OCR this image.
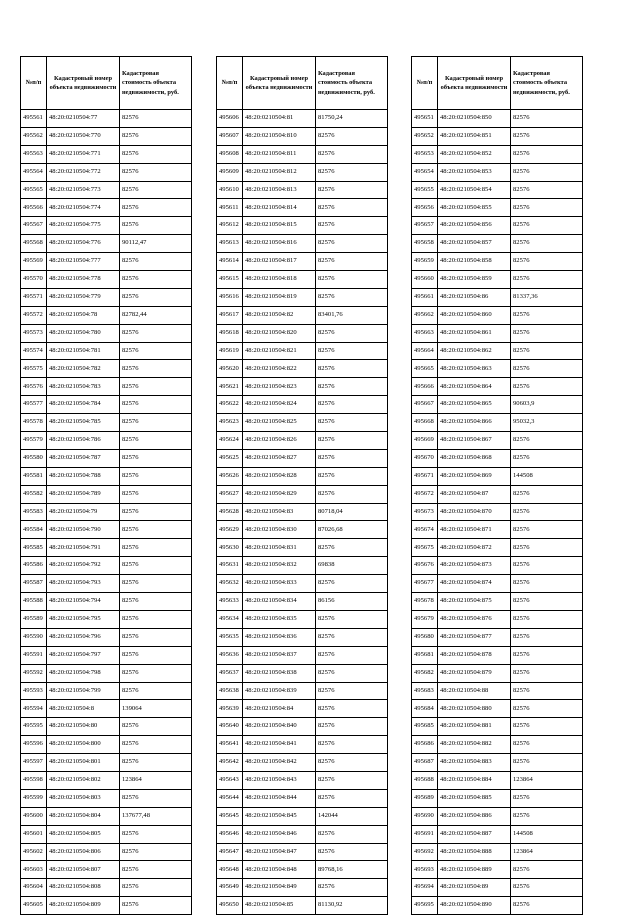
№п/п	Кадастровый номер объекта недвижимости	Кадастровая стоимость объекта недвижимости, руб.
495561	48:20:0210504:77	82576
495562	48:20:0210504:770	82576
495563	48:20:0210504:771	82576
495564	48:20:0210504:772	82576
495565	48:20:0210504:773	82576
495566	48:20:0210504:774	82576
495567	48:20:0210504:775	82576
495568	48:20:0210504:776	90112,47
495569	48:20:0210504:777	82576
495570	48:20:0210504:778	82576
495571	48:20:0210504:779	82576
495572	48:20:0210504:78	82782,44
495573	48:20:0210504:780	82576
495574	48:20:0210504:781	82576
495575	48:20:0210504:782	82576
495576	48:20:0210504:783	82576
495577	48:20:0210504:784	82576
495578	48:20:0210504:785	82576
495579	48:20:0210504:786	82576
495580	48:20:0210504:787	82576
495581	48:20:0210504:788	82576
495582	48:20:0210504:789	82576
495583	48:20:0210504:79	82576
495584	48:20:0210504:790	82576
495585	48:20:0210504:791	82576
495586	48:20:0210504:792	82576
495587	48:20:0210504:793	82576
495588	48:20:0210504:794	82576
495589	48:20:0210504:795	82576
495590	48:20:0210504:796	82576
495591	48:20:0210504:797	82576
495592	48:20:0210504:798	82576
495593	48:20:0210504:799	82576
495594	48:20:0210504:8	139064
495595	48:20:0210504:80	82576
495596	48:20:0210504:800	82576
495597	48:20:0210504:801	82576
495598	48:20:0210504:802	123864
495599	48:20:0210504:803	82576
495600	48:20:0210504:804	137677,48
495601	48:20:0210504:805	82576
495602	48:20:0210504:806	82576
495603	48:20:0210504:807	82576
495604	48:20:0210504:808	82576
495605	48:20:0210504:809	82576
№п/п	Кадастровый номер объекта недвижимости	Кадастровая стоимость объекта недвижимости, руб.
495606	48:20:0210504:81	81750,24
495607	48:20:0210504:810	82576
495608	48:20:0210504:811	82576
495609	48:20:0210504:812	82576
495610	48:20:0210504:813	82576
495611	48:20:0210504:814	82576
495612	48:20:0210504:815	82576
495613	48:20:0210504:816	82576
495614	48:20:0210504:817	82576
495615	48:20:0210504:818	82576
495616	48:20:0210504:819	82576
495617	48:20:0210504:82	83401,76
495618	48:20:0210504:820	82576
495619	48:20:0210504:821	82576
495620	48:20:0210504:822	82576
495621	48:20:0210504:823	82576
495622	48:20:0210504:824	82576
495623	48:20:0210504:825	82576
495624	48:20:0210504:826	82576
495625	48:20:0210504:827	82576
495626	48:20:0210504:828	82576
495627	48:20:0210504:829	82576
495628	48:20:0210504:83	80718,04
495629	48:20:0210504:830	87026,68
495630	48:20:0210504:831	82576
495631	48:20:0210504:832	69838
495632	48:20:0210504:833	82576
495633	48:20:0210504:834	86156
495634	48:20:0210504:835	82576
495635	48:20:0210504:836	82576
495636	48:20:0210504:837	82576
495637	48:20:0210504:838	82576
495638	48:20:0210504:839	82576
495639	48:20:0210504:84	82576
495640	48:20:0210504:840	82576
495641	48:20:0210504:841	82576
495642	48:20:0210504:842	82576
495643	48:20:0210504:843	82576
495644	48:20:0210504:844	82576
495645	48:20:0210504:845	142044
495646	48:20:0210504:846	82576
495647	48:20:0210504:847	82576
495648	48:20:0210504:848	89768,16
495649	48:20:0210504:849	82576
495650	48:20:0210504:85	81130,92
№п/п	Кадастровый номер объекта недвижимости	Кадастровая стоимость объекта недвижимости, руб.
495651	48:20:0210504:850	82576
495652	48:20:0210504:851	82576
495653	48:20:0210504:852	82576
495654	48:20:0210504:853	82576
495655	48:20:0210504:854	82576
495656	48:20:0210504:855	82576
495657	48:20:0210504:856	82576
495658	48:20:0210504:857	82576
495659	48:20:0210504:858	82576
495660	48:20:0210504:859	82576
495661	48:20:0210504:86	81337,36
495662	48:20:0210504:860	82576
495663	48:20:0210504:861	82576
495664	48:20:0210504:862	82576
495665	48:20:0210504:863	82576
495666	48:20:0210504:864	82576
495667	48:20:0210504:865	90603,9
495668	48:20:0210504:866	95032,3
495669	48:20:0210504:867	82576
495670	48:20:0210504:868	82576
495671	48:20:0210504:869	144508
495672	48:20:0210504:87	82576
495673	48:20:0210504:870	82576
495674	48:20:0210504:871	82576
495675	48:20:0210504:872	82576
495676	48:20:0210504:873	82576
495677	48:20:0210504:874	82576
495678	48:20:0210504:875	82576
495679	48:20:0210504:876	82576
495680	48:20:0210504:877	82576
495681	48:20:0210504:878	82576
495682	48:20:0210504:879	82576
495683	48:20:0210504:88	82576
495684	48:20:0210504:880	82576
495685	48:20:0210504:881	82576
495686	48:20:0210504:882	82576
495687	48:20:0210504:883	82576
495688	48:20:0210504:884	123864
495689	48:20:0210504:885	82576
495690	48:20:0210504:886	82576
495691	48:20:0210504:887	144508
495692	48:20:0210504:888	123864
495693	48:20:0210504:889	82576
495694	48:20:0210504:89	82576
495695	48:20:0210504:890	82576
